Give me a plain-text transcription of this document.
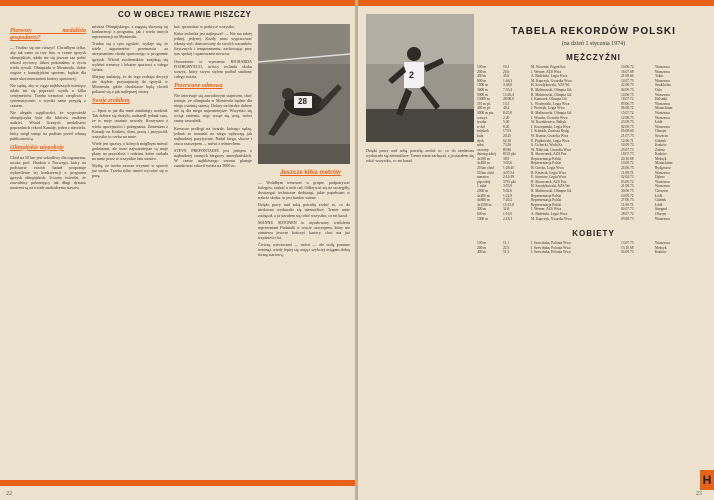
CO W OBCEJ TRAWIE PISZCZY
Pierwszy medalista gospodarzy?

— Trudno się nie cieszyć! Chciałbym tylko, aby tak samo za trzy lata, w czasie igrzysk olimpijskich, udało mi się jeszcze raz pobić rekord życiowy. Jakoś pokonałem w życiu wielu rywali. Olimpiada w Montrealu, dobre zajęcie z kanadyjskim sportem, będzie dla mnie ukoronowaniem kariery sportowej.

Nie sądzę, aby w ciągu najbliższych miesięcy udało mi się poprawić wynik o kilka centymetrów. Trzeba trenować cierpliwie i systematycznie, a wyniki same przyjdą z czasem.

Nie ulegało wątpliwości, że wypowiedź olimpijczyka była dla kibiców znakiem nadziei. Wśród licznych medalistów poprzednich rekord Kanady, jeden z niewielu, który mógł stanąć na podium przed własną publicznością.

Olimpijskie niepokoje

Chód na 50 km jest szkodliwy dla organizmu, uważa prof. Haakon z Norwegii, który na podstawie swoich badań proponuje wykreślenie tej konkurencji z programu igrzysk olimpijskich. Uczony twierdzi, że zawodnicy pokonujący tak długi dystans narażeni są na trwałe uszkodzenia stawów.

mistrza Olimpijskiego, a zagęstą skrzynię taj konkurencji z programu, jak i wielu innych reprezentacji na Montrealu.

Trudno się z tym zgodzić, wydaje się, że wiele argumentów przemawia za utrzymaniem chodu sportowego w programie igrzysk. Wśród zwolenników znajdują się wybitni trenerzy i lekarze sportowi z całego świata.

Miejmy nadzieję, że do tego rodzaju decyzji nie dojdzie, przynajmniej do igrzysk w Montrealu, gdzie chodziarze będą chcieli pokazać się z jak najlepszej strony.

Swoje zrobiłem

— Sport to już dla mnie zamknięty rozdział. Tak dobrze się służyło, nadszedł jednak czas, że to moje ostatnie zawody. Korzystam z wielu uprzejmości i pożegnania. Zmieniam z Kanady na Kraków, dom, pracę i przyjaciół, wszystko to czeka na mnie.

Wiele jest sprawy, o których mógłbym mówić godzinami, ale teraz najważniejsze są moje plany na przyszłość i rodzina, która czekała na mnie przez te wszystkie lata startów.

Myślę, że trzeba zawsze trzymać w sporcie już wieku. Trzeba tylko umieć wycofać się w porę.

kać, sprawdzać w praktyce wszystko.

Która technika jest najlepsza? — Nie ma takiej jednej, jedynej. Każdy musi wypracować własny styl, dostosowany do swoich warunków fizycznych i temperamentu, zachowując przy tym spokój i opanowanie nerwów.

Ostrzeżenie te wymienia RICHARDA FOSBURY'EGO, twórcy techniki skoku wzwyż, który swym stylem podbił stadiony całego świata.

Przerwane odmowa

Nie interesuje się zawodowym stajnisem, choć trenuje, że olimpiada w Montrealu będzie dla niego ostatnią szansą. Dolary na bardzo dobrze nie są dla niego najważniejsze. Wszystko się wciąż zmienia, więc wciąż się uczę, mówi znany zawodnik.

Kreszcze podłogi na twarde, którego sądzę, jednak że stosunki na niego wpływają jak najbardziej pozytywnie. Nadal biega, skacze i rzuca oszczepem — mówi z uśmiechem.

STEVE PREFONTAINE jest jednym z najbardziej znanych biegaczy amerykańskich. W czasie najbliższego sezonu planuje zaatakować rekord świata na 5000 m.

28
Jeszcze kilka metrów

— Wolałbym trenować w grupie, podpatrywać kolegów, szukać u nich rad. Odkrywać się na szczegóły, dostrzegać techniczne drobiazgi, jakie popełniam w trakcie skoku, to jest bardzo ważne.

Dzięki pracy nad sobą potrafię zrobić to, co do niedawna wydawało się niemożliwe. Trener mnie zachęcał, a ja starałem się robić wszystko, co mi kazał.

MANNU SIITONEN to utytułowany wieloletni reprezentant Finlandii w rzucie oszczepem, który nie zamierza jeszcze kończyć kariery, choć ma już trzydzieści lat.

Ćwiczę wieczorami — mówi — ale wolę poranne treningi, wtedy lepiej się czuję i szybciej osiągam dobrą formę startową.

22
2

Dzięki pracy nad sobą potrafię zrobić to, co do niedawna wydawało się niemożliwe. Trener mnie zachęcał, a ja starałem się robić wszystko, co mi kazał.

TABELA REKORDÓW POLSKI
(na dzień 1 stycznia 1974)
MĘŻCZYŹNI
100 m	10,1	M. Woronin, Pogoń Szc.	10.06.72	Warszawa
200 m	20,6	J. Werner, AZS Wwa	16.07.68	Warszawa
400 m	45,6	A. Badeński, Legia Wwa	21.09.64	Tokio
800 m	1:46,3	M. Kupczyk, Gwardia Wwa	14.07.73	Warszawa
1500 m	3:38,0	H. Szordykowski, AZS Wr.	22.08.73	Sztokholm
3000 m	7:53,4	B. Malinowski, Olimpia Gd.	04.09.73	Oslo
5000 m	13:26,4	B. Malinowski, Olimpia Gd.	14.06.73	Warszawa
10000 m	28:08,0	J. Kantorek, Olimpia Gd.	18.07.72	Helsinki
110 m pł.	13,5	L. Wodzyński, Legia Wwa	09.06.73	Warszawa
400 m pł.	49,4	J. Pietrzyk, Legia Wwa	06.08.72	Monachium
3000 m prz.	8:25,0	B. Malinowski, Olimpia Gd.	15.07.72	Warszawa
wzwyż	2,20	J. Wszoła, Gwardia Wwa	12.08.73	Warszawa
tyczka	5,40	W. Kozakiewicz, Bałtyk	23.09.73	Łódź
w dal	8,20	J. Szczepański, Legia Wwa	02.09.73	Warszawa
trójskok	17,03	J. Schmidt, Zawisza Bydg.	05.08.60	Olsztyn
kula	20,25	W. Komar, Gwardia Wwa	21.07.73	Szczecin
dysk	62,10	E. Piątkowski, Legia Wwa	12.06.71	Gdańsk
młot	73,56	S. Cichecki, Wisła Kr.	14.09.73	Kraków
oszczep	89,86	W. Nikiciuk, Gwardia Wwa	29.07.73	Zabrze
dziesięciobój	8125 pkt	R. Skowronek, AZS Poz.	18.07.73	Kraków
4x100 m	38,9	Reprezentacja Polski	20.10.68	Meksyk
4x400 m	3:03,6	Reprezentacja Polski	10.09.72	Monachium
20 km chód	1:28:45	H. Grecki, Legia Wwa	24.06.73	Bydgoszcz
50 km chód	4:07:54	B. Kmiecik, Legia Wwa	11.08.73	Warszawa
maraton	2:14:39	E. Stawiarz, Legia Wwa	22.04.73	Dębno
pięciobój	3781 pkt	R. Skowronek, AZS Poz.	03.09.72	Warszawa
1 mila	3:55,9	H. Szordykowski, AZS Wr.	21.08.73	Warszawa
2000 m	5:02,6	B. Malinowski, Olimpia Gd.	30.06.73	Chorzów
4x200 m	1:22,9	Reprezentacja Polski	10.09.72	Łódź
4x800 m	7:20,2	Reprezentacja Polski	27.06.73	Gdańsk
4x1500 m	15:12,8	Reprezentacja Polski	11.06.73	Łódź
300 m	32,8	J. Werner, AZS Wwa	04.07.73	Stargard
600 m	1:16,0	A. Badeński, Legia Wwa	28.07.72	Olsztyn
1000 m	2:18,3	M. Kupczyk, Gwardia Wwa	09.08.73	Warszawa
KOBIETY
100 m	11,1	I. Szewińska, Polonia Wwa	13.07.73	Warszawa
200 m	22,5	I. Szewińska, Polonia Wwa	13.10.68	Meksyk
400 m	51,3	I. Szewińska, Polonia Wwa	04.09.73	Kraków
23
H
